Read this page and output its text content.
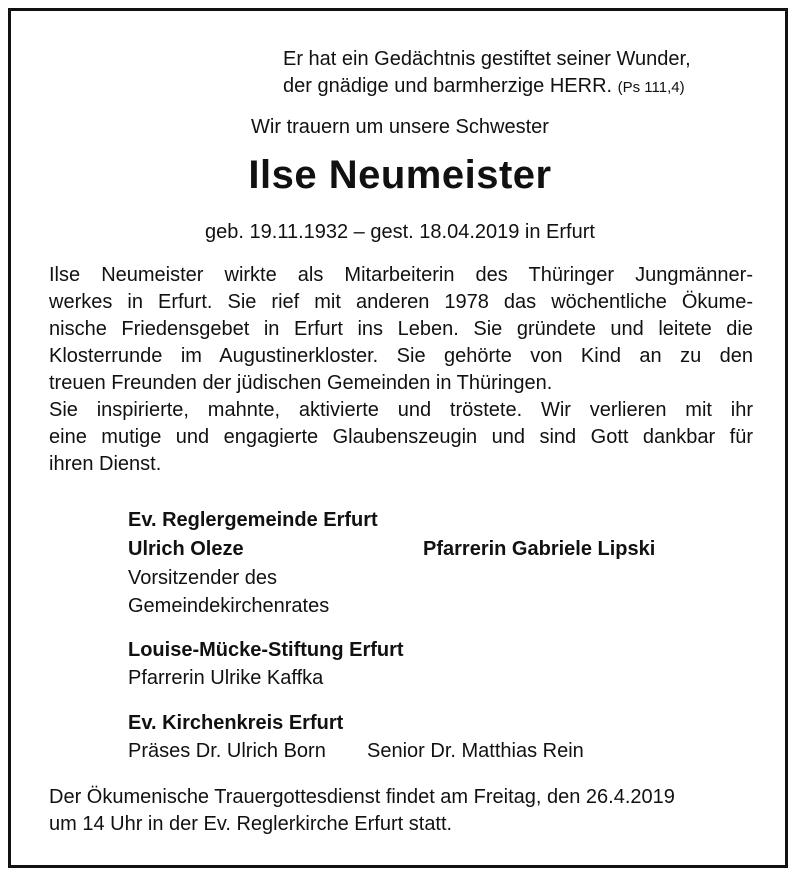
Er hat ein Gedächtnis gestiftet seiner Wunder,
der gnädige und barmherzige HERR. (Ps 111,4)
Wir trauern um unsere Schwester
Ilse Neumeister
geb. 19.11.1932 – gest. 18.04.2019 in Erfurt
Ilse Neumeister wirkte als Mitarbeiterin des Thüringer Jungmänner-
werkes in Erfurt. Sie rief mit anderen 1978 das wöchentliche Ökume-
nische Friedensgebet in Erfurt ins Leben. Sie gründete und leitete die
Klosterrunde im Augustinerkloster. Sie gehörte von Kind an zu den
treuen Freunden der jüdischen Gemeinden in Thüringen.
Sie inspirierte, mahnte, aktivierte und tröstete. Wir verlieren mit ihr
eine mutige und engagierte Glaubenszeugin und sind Gott dankbar für
ihren Dienst.
Ev. Reglergemeinde Erfurt
Ulrich Oleze	Pfarrerin Gabriele Lipski
Vorsitzender des
Gemeindekirchenrates
Louise-Mücke-Stiftung Erfurt
Pfarrerin Ulrike Kaffka
Ev. Kirchenkreis Erfurt
Präses Dr. Ulrich Born Senior Dr. Matthias Rein
Der Ökumenische Trauergottesdienst findet am Freitag, den 26.4.2019
um 14 Uhr in der Ev. Reglerkirche Erfurt statt.
